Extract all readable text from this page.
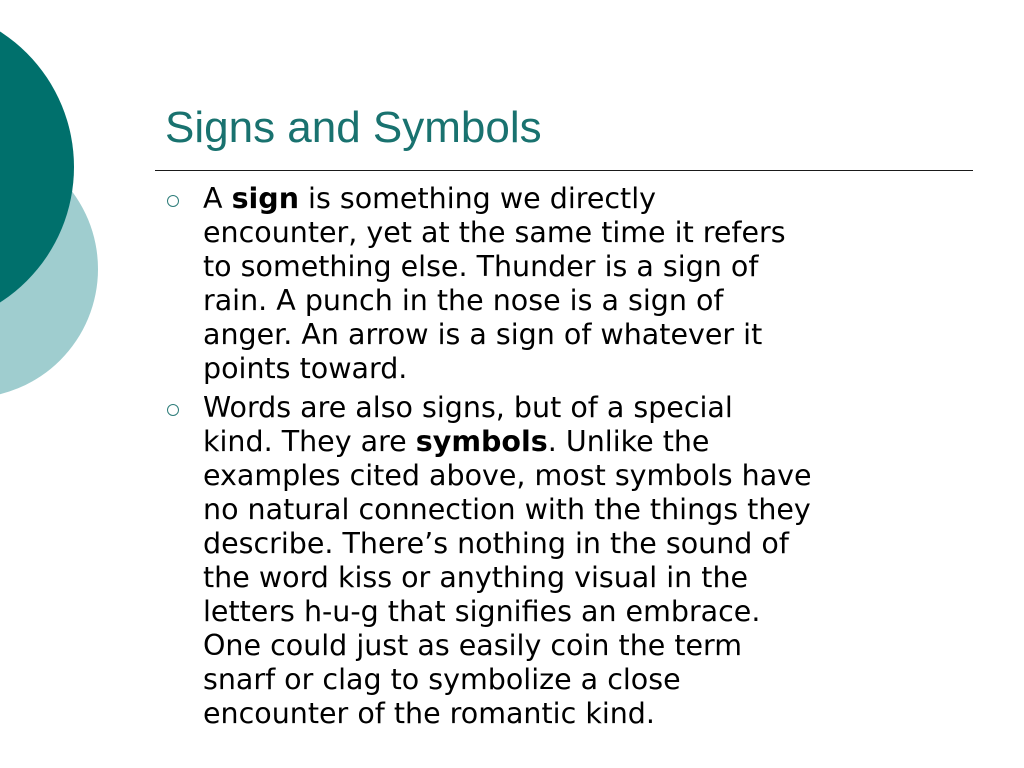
Signs and Symbols
A sign is something we directly
encounter, yet at the same time it refers
to something else. Thunder is a sign of
rain. A punch in the nose is a sign of
anger. An arrow is a sign of whatever it
points toward.
Words are also signs, but of a special
kind. They are symbols. Unlike the
examples cited above, most symbols have
no natural connection with the things they
describe. There’s nothing in the sound of
the word kiss or anything visual in the
letters h-u-g that signifies an embrace.
One could just as easily coin the term
snarf or clag to symbolize a close
encounter of the romantic kind.
